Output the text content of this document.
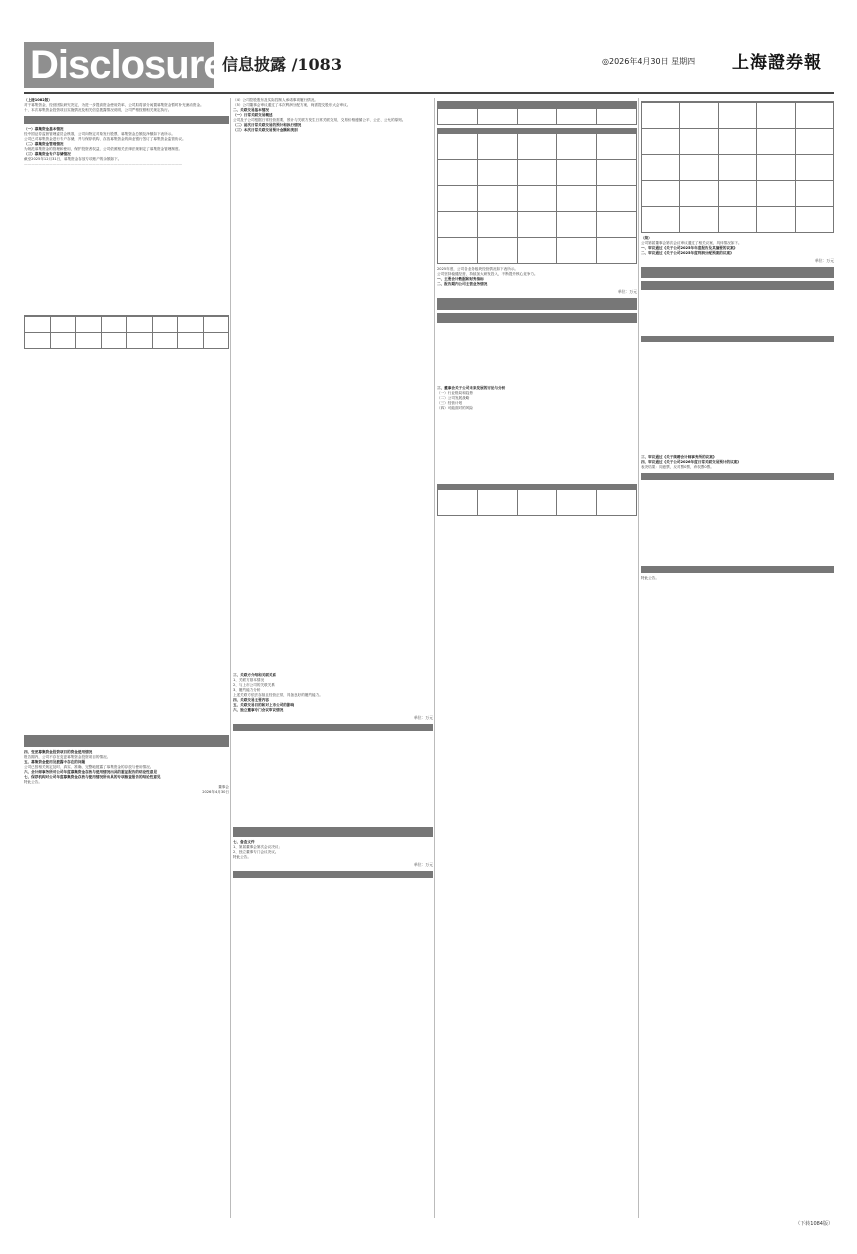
Disclosure
信息披露 /1083	◎2026年4月30日 星期四 上海證券報
（上接1082版）
对于募集资金，经营团队研究决定，为进一步提高资金使用效率，公司拟将部分闲置募集资金暂时补充流动资金。
十、本次募集资金投资项目实施情况及相关信息披露情况说明，公司严格按照相关规定执行。

（一）募集资金基本情况
经中国证券监督管理委员会核准，公司向特定对象发行股票，募集资金总额及净额如下表所示。
公司已对募集资金进行专户存储，并与保荐机构、存放募集资金的商业银行签订了募集资金监管协议。
（二）募集资金管理情况
为规范募集资金的管理和使用，保护投资者权益，公司依照相关法律法规制定了募集资金管理制度。
（三）募集资金专户存储情况
截至2025年12月31日，募集资金存放专项账户的余额如下。
————————————————————————————————————————————

四、变更募集资金投资项目的资金使用情况
报告期内，公司不存在变更募集资金投资项目的情况。
五、募集资金使用及披露中存在的问题
公司已按相关规定及时、真实、准确、完整地披露了募集资金的存放与使用情况。
六、会计师事务所对公司年度募集资金存放与使用情况出具的鉴证报告的结论性意见
七、保荐机构对公司年度募集资金存放与使用情况所出具的专项核查报告的结论性意见
特此公告。
董事会
2026年4月30日
（4）公司控股股东及实际控制人承诺事项履行情况。
（5）公司董事会审议通过了本次利润分配方案，尚需提交股东大会审议。
二、关联交易基本情况
（一）日常关联交易概述
公司及子公司根据日常经营需要，预计与关联方发生日常关联交易，交易价格遵循公平、公正、公允的原则。
（二）前次日常关联交易的预计和执行情况
（三）本次日常关联交易预计金额和类别
三、关联方介绍和关联关系
1、关联方基本情况
2、与上市公司的关联关系
3、履约能力分析
上述关联方依法存续且经营正常，具备良好的履约能力。
四、关联交易主要内容
五、关联交易目的和对上市公司的影响
六、独立董事专门会议审议情况
单位：万元

七、备查文件
1、第届董事会第次会议决议；
2、独立董事专门会议决议。
特此公告。
单位：万元

2025年度，公司各业务板块经营情况如下表所示。
公司坚持稳健经营，持续加大研发投入，不断提升核心竞争力。
一、主要会计数据和财务指标
二、报告期内公司主营业务情况
单位：万元

三、董事会关于公司未来发展的讨论与分析
（一）行业格局和趋势
（二）公司发展战略
（三）经营计划
（四）可能面对的风险

（续）
公司第届董事会第次会议审议通过了相关议案，具体情况如下。
一、审议通过《关于公司2025年年度报告及其摘要的议案》
二、审议通过《关于公司2025年度利润分配预案的议案》
单位：万元

三、审议通过《关于续聘会计师事务所的议案》
四、审议通过《关于公司2026年度日常关联交易预计的议案》
表决结果：同意票，反对票0票，弃权票0票。

特此公告。
（下转1084版）
